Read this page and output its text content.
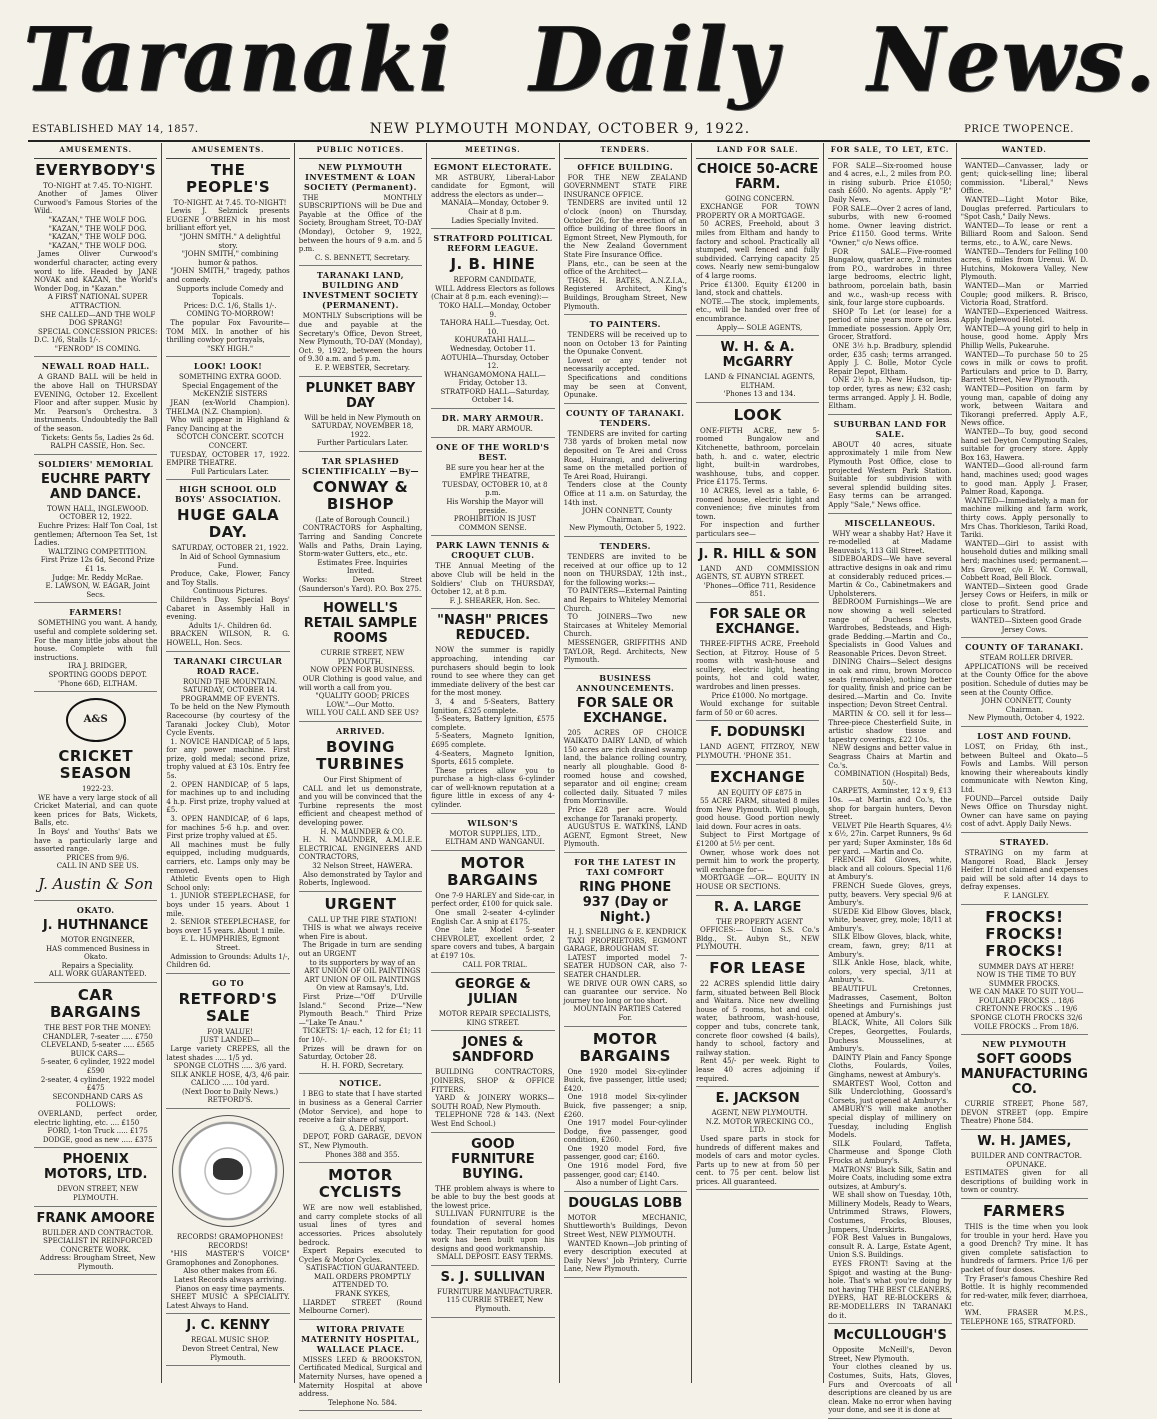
Taranaki Daily News.
ESTABLISHED MAY 14, 1857.	NEW PLYMOUTH MONDAY, OCTOBER 9, 1922.	PRICE TWOPENCE.
AMUSEMENTS.
EVERYBODY'S

TO-NIGHT at 7.45. TO-NIGHT.

Another of James Oliver Curwood's Famous Stories of the Wild.

"KAZAN," THE WOLF DOG.

"KAZAN," THE WOLF DOG.

"KAZAN," THE WOLF DOG.

"KAZAN," THE WOLF DOG.

James Oliver Curwood's wonderful character, acting every word to life. Headed by JANE NOVAK and KAZAN, the World's Wonder Dog, in "Kazan."

A FIRST NATIONAL SUPER ATTRACTION.

SHE CALLED—AND THE WOLF DOG SPRANG!

SPECIAL CONCESSION PRICES: D.C. 1/6, Stalls 1/-.

"FENROD" IS COMING.

NEWALL ROAD HALL.

A GRAND BALL will be held in the above Hall on THURSDAY EVENING, October 12. Excellent Floor and after supper. Music by Mr. Pearson's Orchestra. 3 instruments. Undoubtedly the Ball of the season.

Tickets: Gents 5s, Ladies 2s 6d.

RALPH CASSIE, Hon. Sec.

SOLDIERS' MEMORIAL
EUCHRE PARTY AND DANCE.

TOWN HALL, INGLEWOOD. OCTOBER 12, 1922.

Euchre Prizes: Half Ton Coal, 1st gentlemen; Afternoon Tea Set, 1st Ladies.

WALTZING COMPETITION.

First Prize 12s 6d, Second Prize £1 1s.

Judge: Mr. Reddy McRae.

E. LAWSON, W. EAGAR, Joint Secs.

FARMERS!

SOMETHING you want. A handy, useful and complete soldering set. For the many little jobs about the house. Complete with full instructions.

IRA J. BRIDGER,

SPORTING GOODS DEPOT.

'Phone 66D, ELTHAM.

A&S
CRICKET SEASON

1922-23.

WE have a very large stock of all Cricket Material, and can quote keen prices for Bats, Wickets, Balls, etc.

In Boys' and Youths' Bats we have a particularly large and assorted range.

PRICES from 9/6.

CALL IN AND SEE US.

J. Austin & Son
OKATO.
J. HUTHNANCE

MOTOR ENGINEER,

HAS commenced Business in Okato.

Repairs a Speciality.

ALL WORK GUARANTEED.

CAR BARGAINS

THE BEST FOR THE MONEY:

CHANDLER, 7-seater ..... £750

CLEVELAND, 5-seater ..... £565

BUICK CARS—

5-seater, 6 cylinder, 1922 model £590

2-seater, 4 cylinder, 1922 model £475

SECONDHAND CARS AS FOLLOWS:

OVERLAND, perfect order, electric lighting, etc. .... £150

FORD, 1-ton Truck ..... £175

DODGE, good as new ..... £375

PHOENIX MOTORS, LTD.

DEVON STREET, NEW PLYMOUTH.

FRANK AMOORE

BUILDER AND CONTRACTOR.

SPECIALIST IN REINFORCED CONCRETE WORK.

Address: Brougham Street, New Plymouth.

AMUSEMENTS.
THE PEOPLE'S

TO-NIGHT. At 7.45. TO-NIGHT!

Lewis J. Selznick presents EUGENE O'BRIEN in his most brilliant effort yet,

"JOHN SMITH." A delightful story.

"JOHN SMITH," combining humor & pathos.

"JOHN SMITH," tragedy, pathos and comedy.

Supports include Comedy and Topicals.

Prices: D.C. 1/6, Stalls 1/-.

COMING TO-MORROW!

The popular Fox Favourite— TOM MIX. In another of his thrilling cowboy portrayals,

"SKY HIGH."

LOOK! LOOK!

SOMETHING EXTRA GOOD.

Special Engagement of the

McKENZIE SISTERS

JEAN (ex-World Champion). THELMA (N.Z. Champion).

Who will appear in Highland & Fancy Dancing at the

SCOTCH CONCERT. SCOTCH CONCERT.

TUESDAY, OCTOBER 17, 1922. EMPIRE THEATRE.

Full Particulars Later.

HIGH SCHOOL OLD BOYS' ASSOCIATION.
HUGE GALA DAY.

SATURDAY, OCTOBER 21, 1922.

In Aid of School Gymnasium Fund.

Produce, Cake, Flower, Fancy and Toy Stalls.

Continuous Pictures.

Children's Day. Special Boys' Cabaret in Assembly Hall in evening.

Adults 1/-. Children 6d.

BRACKEN WILSON, R. G. HOWELL, Hon. Secs.

TARANAKI CIRCULAR ROAD RACE.

ROUND THE MOUNTAIN.

SATURDAY, OCTOBER 14.

PROGRAMME OF EVENTS.

To be held on the New Plymouth Racecourse (by courtesy of the Taranaki Jockey Club), Motor Cycle Events.

1. NOVICE HANDICAP, of 5 laps, for any power machine. First prize, gold medal; second prize, trophy valued at £3 10s. Entry fee 5s.

2. OPEN HANDICAP, of 5 laps, for machines up to and including 4 h.p. First prize, trophy valued at £5.

3. OPEN HANDICAP, of 6 laps, for machines 5-6 h.p. and over. First prize trophy valued at £5.

All machines must be fully equipped, including mudguards, carriers, etc. Lamps only may be removed.

Athletic Events open to High School only:

1. JUNIOR STEEPLECHASE, for boys under 15 years. About 1 mile.

2. SENIOR STEEPLECHASE, for boys over 15 years. About 1 mile.

E. L. HUMPHRIES, Egmont Street.

Admission to Grounds: Adults 1/-, Children 6d.

GO TO
RETFORD'S SALE

FOR VALUE!

JUST LANDED—

Large variety CREPES, all the latest shades ..... 1/5 yd.

SPONGE CLOTHS ..... 3/6 yard.

SILK ANKLE HOSE, 4/3, 4/6 pair.

CALICO ..... 10d yard.

(Next Door to Daily News.)

RETFORD'S.

RECORDS! GRAMOPHONES! RECORDS!

"HIS MASTER'S VOICE" Gramophones and Zonophones.

Also other makes from £6.

Latest Records always arriving.

Pianos on easy time payments.

SHEET MUSIC A SPECIALITY. Latest Always to Hand.

J. C. KENNY

REGAL MUSIC SHOP.

Devon Street Central, New Plymouth.

PUBLIC NOTICES.
NEW PLYMOUTH INVESTMENT & LOAN SOCIETY (Permanent).

THE MONTHLY SUBSCRIPTIONS will be Due and Payable at the Office of the Society, Brougham Street, TO-DAY (Monday), October 9, 1922, between the hours of 9 a.m. and 5 p.m.

C. S. BENNETT, Secretary.

TARANAKI LAND, BUILDING AND INVESTMENT SOCIETY (PERMANENT).

MONTHLY Subscriptions will be due and payable at the Secretary's Office, Devon Street, New Plymouth, TO-DAY (Monday), Oct. 9, 1922, between the hours of 9.30 a.m. and 5 p.m.

E. P. WEBSTER, Secretary.

PLUNKET BABY DAY

Will be held in New Plymouth on

SATURDAY, NOVEMBER 18, 1922.

Further Particulars Later.

TAR SPLASHED SCIENTIFICALLY —By—
CONWAY & BISHOP

(Late of Borough Council.)

CONTRACTORS for Asphalting, Tarring and Sanding Concrete Walls and Paths, Drain Laying, Storm-water Gutters, etc., etc.

Estimates Free. Inquiries Invited.

Works: Devon Street (Saunderson's Yard). P.O. Box 275.

HOWELL'S RETAIL SAMPLE ROOMS

CURRIE STREET, NEW PLYMOUTH.

NOW OPEN FOR BUSINESS.

OUR Clothing is good value, and will worth a call from you.

"QUALITY GOOD; PRICES LOW."—Our Motto.

WILL YOU CALL AND SEE US?

ARRIVED.
BOVING TURBINES

Our First Shipment of

CALL and let us demonstrate, and you will be convinced that the Turbine represents the most efficient and cheapest method of developing power.

H. N. MAUNDER & CO.

H. N. MAUNDER, A.M.I.E.E. ELECTRICAL ENGINEERS AND CONTRACTORS,

32 Nelson Street, HAWERA.

Also demonstrated by Taylor and Roberts, Inglewood.

URGENT

CALL UP THE FIRE STATION!

THIS is what we always receive when Fire is about.

The Brigade in turn are sending out an URGENT

to its supporters by way of an

ART UNION OF OIL PAINTINGS

ART UNION OF OIL PAINTINGS

On view at Ramsay's, Ltd.

First Prize—"Off D'Urville Island." Second Prize—"New Plymouth Beach." Third Prize—"Lake Te Anau."

TICKETS: 1/- each, 12 for £1; 11 for 10/-.

Prizes will be drawn for on Saturday, October 28.

H. H. FORD, Secretary.

NOTICE.

I BEG to state that I have started in business as a General Carrier (Motor Service), and hope to receive a fair share of support.

G. A. DERBY,

DEPOT, FORD GARAGE, DEVON ST., New Plymouth.

Phones 388 and 355.

MOTOR CYCLISTS

WE are now well established, and carry complete stocks of all usual lines of tyres and accessories. Prices absolutely bedrock.

Expert Repairs executed to Cycles & Motor Cycles.

SATISFACTION GUARANTEED.

MAIL ORDERS PROMPTLY ATTENDED TO.

FRANK SYKES,

LIARDET STREET (Round Melbourne Corner).

WITORA PRIVATE MATERNITY HOSPITAL, WALLACE PLACE.

MISSES LEED & BROOKSTON, Certificated Medical, Surgical and Maternity Nurses, have opened a Maternity Hospital at above address.

Telephone No. 584.

MEETINGS.
EGMONT ELECTORATE.

MR ASTBURY, Liberal-Labor candidate for Egmont, will address the electors as under—

MANAIA—Monday, October 9.

Chair at 8 p.m.

Ladies Specially Invited.

STRATFORD POLITICAL REFORM LEAGUE.
J. B. HINE

REFORM CANDIDATE,

WILL Address Electors as follows (Chair at 8 p.m. each evening):—

TOKO HALL—Monday, October 9.

TAHORA HALL—Tuesday, Oct. 10.

KOHURATAHI HALL—Wednesday, October 11.

AOTUHIA—Thursday, October 12.

WHANGAMOMONA HALL—Friday, October 13.

STRATFORD HALL—Saturday, October 14.

DR. MARY ARMOUR.

DR. MARY ARMOUR.

ONE OF THE WORLD'S BEST.

BE sure you hear her at the

EMPIRE THEATRE,

TUESDAY, OCTOBER 10, at 8 p.m.

His Worship the Mayor will preside.

PROHIBITION IS JUST COMMON SENSE.

PARK LAWN TENNIS & CROQUET CLUB.

THE Annual Meeting of the above Club will be held in the Soldiers' Club on THURSDAY, October 12, at 8 p.m.

F. J. SHEARER, Hon. Sec.

"NASH" PRICES REDUCED.

NOW the summer is rapidly approaching, intending car purchasers should begin to look round to see where they can get immediate delivery of the best car for the most money.

3, 4 and 5-Seaters, Battery Ignition, £325 complete.

5-Seaters, Battery Ignition, £575 complete.

5-Seaters, Magneto Ignition, £695 complete.

4-Seaters, Magneto Ignition, Sports, £615 complete.

These prices allow you to purchase a high-class 6-cylinder car of well-known reputation at a figure little in excess of any 4-cylinder.

WILSON'S

MOTOR SUPPLIES, LTD.,

ELTHAM AND WANGANUI.

MOTOR BARGAINS

One 7-9 HARLEY and Side-car, in perfect order, £100 for quick sale.

One small 2-seater 4-cylinder English Car. A snip at £175.

One late Model 5-seater CHEVROLET, excellent order, 2 spare covers and tubes, A bargain at £197 10s.

CALL FOR TRIAL.

GEORGE & JULIAN

MOTOR REPAIR SPECIALISTS, KING STREET.

JONES & SANDFORD

BUILDING CONTRACTORS, JOINERS, SHOP & OFFICE FITTERS.

YARD & JOINERY WORKS— SOUTH ROAD, New Plymouth.

TELEPHONE 728 & 143. (Next West End School.)

GOOD FURNITURE BUYING.

THE problem always is where to be able to buy the best goods at the lowest price.

SULLIVAN FURNITURE is the foundation of several homes today. Their reputation for good work has been built upon his designs and good workmanship.

SMALL DEPOSIT. EASY TERMS.

S. J. SULLIVAN

FURNITURE MANUFACTURER.

115 CURRIE STREET, New Plymouth.

TENDERS.
OFFICE BUILDING.

FOR THE NEW ZEALAND GOVERNMENT STATE FIRE INSURANCE OFFICE.

TENDERS are invited until 12 o'clock (noon) on Thursday, October 26, for the erection of an office building of three floors in Egmont Street, New Plymouth, for the New Zealand Government State Fire Insurance Office.

Plans, etc., can be seen at the office of the Architect—

THOS. H. BATES, A.N.Z.I.A., Registered Architect, King's Buildings, Brougham Street, New Plymouth.

TO PAINTERS.

TENDERS will be received up to noon on October 13 for Painting the Opunake Convent.

Lowest or any tender not necessarily accepted.

Specifications and conditions may be seen at Convent, Opunake.

COUNTY OF TARANAKI. TENDERS.

TENDERS are invited for carting 738 yards of broken metal now deposited on Te Arei and Cross Road, Huirangi, and delivering same on the metalled portion of Te Arei Road, Huirangi.

Tenders close at the County Office at 11 a.m. on Saturday, the 14th inst.

JOHN CONNETT, County Chairman.

New Plymouth, October 5, 1922.

TENDERS.

TENDERS are invited to be received at our office up to 12 noon on THURSDAY, 12th inst., for the following works:—

TO PAINTERS—External Painting and Repairs to Whiteley Memorial Church.

TO JOINERS—Two new Staircases at Whiteley Memorial Church.

MESSENGER, GRIFFITHS AND TAYLOR, Regd. Architects, New Plymouth.

BUSINESS ANNOUNCEMENTS.
FOR SALE OR EXCHANGE.

205 ACRES OF CHOICE WAIKATO DAIRY LAND, of which 150 acres are rich drained swamp land, the balance rolling country, nearly all ploughable. Good 8-roomed house and cowshed, separator and oil engine; cream collected daily. Situated 7 miles from Morrinsville.

Price £28 per acre. Would exchange for Taranaki property.

AUGUSTUS E. WATKINS, LAND AGENT, Egmont Street, New Plymouth.

FOR THE LATEST IN TAXI COMFORT
RING PHONE 937 (Day or Night.)

H. J. SNELLING & E. KENDRICK

TAXI PROPRIETORS, EGMONT GARAGE, BROUGHAM ST.

LATEST imported model 7-SEATER HUDSON CAR, also 7-SEATER CHANDLER.

WE DRIVE OUR OWN CARS, so can guarantee our service. No journey too long or too short.

MOUNTAIN PARTIES Catered For.

MOTOR BARGAINS

One 1920 model Six-cylinder Buick, five passenger, little used; £420.

One 1918 model Six-cylinder Buick, five passenger; a snip, £260.

One 1917 model Four-cylinder Dodge, five passenger, good condition, £260.

One 1920 model Ford, five passenger, good car; £160.

One 1916 model Ford, five passenger, good car; £140.

Also a number of Light Cars.

DOUGLAS LOBB

MOTOR MECHANIC, Shuttleworth's Buildings, Devon Street West, NEW PLYMOUTH.

WANTED Known—Job printing of every description executed at Daily News' Job Printery, Currie Lane, New Plymouth.

LAND FOR SALE.
CHOICE 50-ACRE FARM.

GOING CONCERN.

EXCHANGE FOR TOWN PROPERTY OR A MORTGAGE.

50 ACRES, Freehold, about 3 miles from Eltham and handy to factory and school. Practically all stumped, well fenced and fully subdivided. Carrying capacity 25 cows. Nearly new semi-bungalow of 4 large rooms.

Price £1300. Equity £1200 in land, stock and chattels.

NOTE.—The stock, implements, etc., will be handed over free of encumbrance.

Apply— SOLE AGENTS,

W. H. & A. McGARRY

LAND & FINANCIAL AGENTS, ELTHAM.

'Phones 13 and 134.

LOOK

ONE-FIFTH ACRE, new 5-roomed Bungalow and Kitchenette, bathroom, porcelain bath, h. and c. water, electric light, built-in wardrobes, washhouse, tubs, and copper. Price £1175. Terms.

10 ACRES, level as a table, 6-roomed house, electric light and convenience; five minutes from town.

For inspection and further particulars see—

J. R. HILL & SON

LAND AND COMMISSION AGENTS, ST. AUBYN STREET.

'Phones—Office 711, Residence 851.

FOR SALE OR EXCHANGE.

THREE-FIFTHS ACRE, Freehold Section, at Fitzroy. House of 5 rooms with wash-house and scullery, electric light, heating points, hot and cold water, wardrobes and linen presses.

Price £1000. No mortgage.

Would exchange for suitable farm of 50 or 60 acres.

F. DODUNSKI

LAND AGENT, FITZROY, NEW PLYMOUTH. 'PHONE 351.

EXCHANGE

AN EQUITY OF £875 in

55 ACRE FARM, situated 8 miles from New Plymouth. Will plough, good house. Good portion newly laid down. Four acres in oats.

Subject to First Mortgage of £1200 at 5½ per cent.

Owner, whose work does not permit him to work the property, will exchange for—

MORTGAGE —OR— EQUITY IN HOUSE OR SECTIONS.

R. A. LARGE

THE PROPERTY AGENT

OFFICES:— Union S.S. Co.'s Bldg., St. Aubyn St., NEW PLYMOUTH.

FOR LEASE

22 ACRES splendid little dairy farm, situated between Bell Block and Waitara. Nice new dwelling house of 5 rooms, hot and cold water, bathroom, wash-house, copper and tubs, concrete tank, concrete floor cowshed (4 bails), handy to school, factory and railway station.

Rent 45/- per week. Right to lease 40 acres adjoining if required.

E. JACKSON

AGENT, NEW PLYMOUTH.

N.Z. MOTOR WRECKING CO., LTD.

Used spare parts in stock for hundreds of different makes and models of cars and motor cycles. Parts up to new at from 50 per cent. to 75 per cent. below list prices. All guaranteed.

FOR SALE, TO LET, ETC.

FOR SALE—Six-roomed house and 4 acres, e.l., 2 miles from P.O. in rising suburb. Price £1050; cash £600. No agents. Apply "P," Daily News.

FOR SALE—Over 2 acres of land, suburbs, with new 6-roomed home. Owner leaving district. Price £1150. Good terms. Write "Owner," c/o News office.

FOR SALE—Five-roomed Bungalow, quarter acre, 2 minutes from P.O., wardrobes in three large bedrooms, electric light, bathroom, porcelain bath, basin and w.c., wash-up recess with sink, four large store cupboards.

SHOP To Let (or lease) for a period of nine years more or less. Immediate possession. Apply Orr, Grocer, Stratford.

ONE 3½ h.p. Bradbury, splendid order, £35 cash; terms arranged. Apply J. C. Bolle, Motor Cycle Repair Depot, Eltham.

ONE 2½ h.p. New Hudson, tip-top order, tyres as new; £32 cash; terms arranged. Apply J. H. Bodle, Eltham.

SUBURBAN LAND FOR SALE.

ABOUT 40 acres, situate approximately 1 mile from New Plymouth Post Office, close to projected Western Park Station. Suitable for subdivision with several splendid building sites. Easy terms can be arranged. Apply "Sale," News office.

MISCELLANEOUS.

WHY wear a shabby Hat? Have it re-modelled at Madame Beauvais's, 113 Gill Street.

SIDEBOARDS—We have several attractive designs in oak and rimu at considerably reduced prices.—Martin & Co., Cabinetmakers and Upholsterers.

BEDROOM Furnishings—We are now showing a well selected range of Duchess Chests, Wardrobes, Bedsteads, and High-grade Bedding.—Martin and Co., Specialists in Good Values and Reasonable Prices. Devon Street.

DINING Chairs—Select designs in oak and rimu, brown Morocco seats (removable), nothing better for quality, finish and price can be desired.—Martin and Co. Invite inspection; Devon Street Central.

MARTIN & CO. sell it for less—Three-piece Chesterfield Suite, in artistic shadow tissue and tapestry coverings, £22 10s.

NEW designs and better value in Seagrass Chairs at Martin and Co.'s.

COMBINATION (Hospital) Beds, 50/-.

CARPETS, Axminster, 12 x 9, £13 10s. —at Martin and Co.'s, the shop for bargain hunters, Devon Street.

VELVET Pile Hearth Squares, 4½ x 6½, 27in. Carpet Runners, 9s 6d per yard; Super Axminster, 18s 6d per yard. —Martin and Co.

FRENCH Kid Gloves, white, black and all colours. Special 11/6 at Ambury's.

FRENCH Suede Gloves, greys, putty, beavers. Very special 9/6 at Ambury's.

SUEDE Kid Elbow Gloves, black, white, beaver, grey, mole; 18/11 at Ambury's.

SILK Elbow Gloves, black, white, cream, fawn, grey; 8/11 at Ambury's.

SILK Ankle Hose, black, white, colors, very special, 3/11 at Ambury's.

BEAUTIFUL Cretonnes, Madrasses, Casement, Bolton Sheetings and Furnishings just opened at Ambury's.

BLACK, White, All Colors Silk Crepes, Georgettes, Foulards, Duchess Mousselines, at Ambury's.

DAINTY Plain and Fancy Sponge Cloths, Foulards, Voiles, Ginghams, newest at Ambury's.

SMARTEST Wool, Cotton and Silk Underclothing, Goossard's Corsets, just opened at Ambury's.

AMBURY'S will make another special display of millinery on Tuesday, including English Models.

SILK Foulard, Taffeta, Charmeuse and Sponge Cloth Frocks at Ambury's.

MATRONS' Black Silk, Satin and Moire Coats, including some extra outsizes, at Ambury's.

WE shall show on Tuesday, 10th, Millinery Models, Ready to Wears, Untrimmed Straws, Flowers, Costumes, Frocks, Blouses, Jumpers, Underskirts.

FOR Best Values in Bungalows, consult R. A. Large, Estate Agent, Union S.S. Buildings.

EYES FRONT! Saving at the Spigot and wasting at the Bung-hole. That's what you're doing by not having THE BEST CLEANERS, DYERS, HAT RE-BLOCKERS & RE-MODELLERS IN TARANAKI do it.

McCULLOUGH'S

Opposite McNeill's, Devon Street, New Plymouth.

Your clothes cleaned by us. Costumes, Suits, Hats, Gloves, Furs and Overcoats of all descriptions are cleaned by us are clean. Make no error when having your done, and see it is done at

WANTED.

WANTED—Canvasser, lady or gent; quick-selling line; liberal commission. "Liberal," News Office.

WANTED—Light Motor Bike, Douglas preferred. Particulars to "Spot Cash," Daily News.

WANTED—To lease or rent a Billiard Room and Saloon. Send terms, etc., to A.W., care News.

WANTED—Tenders for Felling 100 acres, 6 miles from Urenui. W. D. Hutchins, Mokowera Valley, New Plymouth.

WANTED—Man or Married Couple; good milkers. R. Brisco, Victoria Road, Stratford.

WANTED—Experienced Waitress. Apply Inglewood Hotel.

WANTED—A young girl to help in house, good home. Apply Mrs Phillip Wells, Pukearuhe.

WANTED—To purchase 50 to 25 cows in milk or cows to profit. Particulars and price to D. Barry, Barrett Street, New Plymouth.

WANTED—Position on farm by young man, capable of doing any work, between Waitara and Tikorangi preferred. Apply A.F., News office.

WANTED—To buy, good second hand set Deyton Computing Scales, suitable for grocery store. Apply Box 163, Hawera.

WANTED—Good all-round farm hand, machines used; good wages to good man. Apply J. Fraser, Palmer Road, Kaponga.

WANTED—Immediately, a man for machine milking and farm work, thirty cows. Apply personally to Mrs Chas. Thorkleson, Tariki Road, Tariki.

WANTED—Girl to assist with household duties and milking small herd; machines used; permanent.—Mrs Grover, c/o F. W. Cornwall, Cobbett Road, Bell Block.

WANTED—Sixteen good Grade Jersey Cows or Heifers, in milk or close to profit. Send price and particulars to Stratford.

WANTED—Sixteen good Grade Jersey Cows.

COUNTY OF TARANAKI.

STEAM ROLLER DRIVER.

APPLICATIONS will be received at the County Office for the above position. Schedule of duties may be seen at the County Office.

JOHN CONNETT, County Chairman.

New Plymouth, October 4, 1922.

LOST AND FOUND.

LOST, on Friday, 6th inst., between Bulteel and Okato—5 Fowls and Lambs. Will person knowing their whereabouts kindly communicate with Newton King, Ltd.

FOUND—Parcel outside Daily News Office on Thursday night. Owner can have same on paying cost of advt. Apply Daily News.

STRAYED.

STRAYING on my farm at Mangorei Road, Black Jersey Heifer. If not claimed and expenses paid will be sold after 14 days to defray expenses.

F. LANGLEY.

FROCKS! FROCKS! FROCKS!

SUMMER DAYS AT HERE!

NOW IS THE TIME TO BUY SUMMER FROCKS.

WE CAN MAKE TO SUIT YOU—

FOULARD FROCKS .. 18/6

CRETONNE FROCKS .. 19/6

SPONGE CLOTH FROCKS 32/6

VOILE FROCKS .. From 18/6.

NEW PLYMOUTH
SOFT GOODS MANUFACTURING CO.

CURRIE STREET, Phone 587, DEVON STREET (opp. Empire Theatre) Phone 584.

W. H. JAMES,

BUILDER AND CONTRACTOR.

OPUNAKE.

ESTIMATES given for all descriptions of building work in town or country.

FARMERS

THIS is the time when you look for trouble in your herd. Have you a good Drench? Try mine. It has given complete satisfaction to hundreds of farmers. Price 1/6 per packet of four doses.

Try Fraser's famous Cheshire Red Bottle. It is highly recommended for red-water, milk fever, diarrhoea, etc.

WM. FRASER M.P.S., TELEPHONE 165, STRATFORD.
